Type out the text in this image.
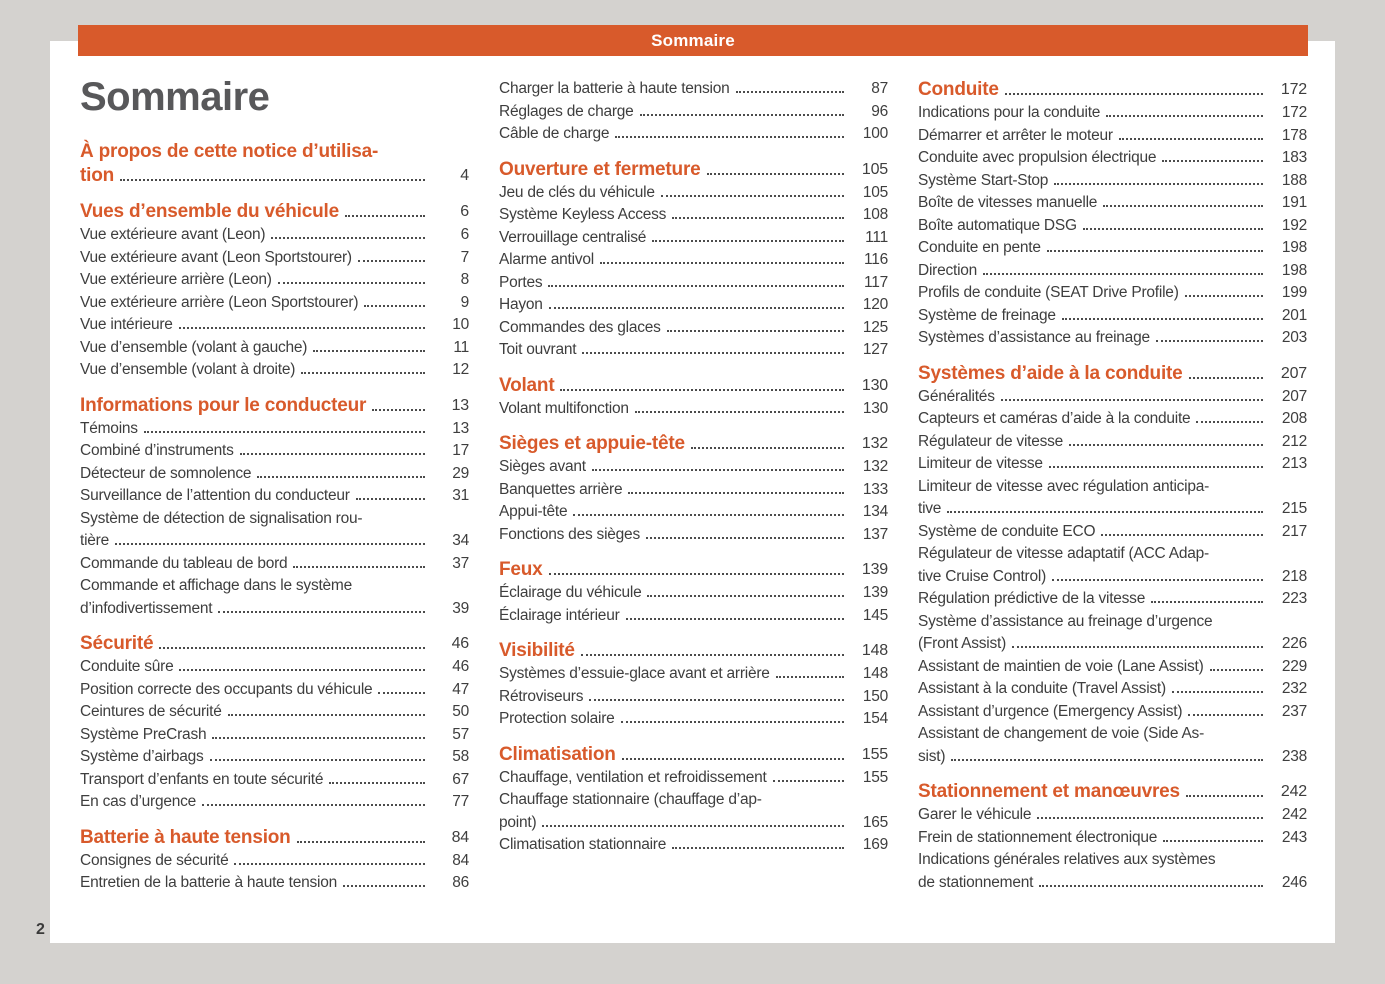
Sommaire
Sommaire
À propos de cette notice d’utilisa-
tion	4
Vues d’ensemble du véhicule	6
Vue extérieure avant (Leon)	6
Vue extérieure avant (Leon Sportstourer)	7
Vue extérieure arrière (Leon)	8
Vue extérieure arrière (Leon Sportstourer)	9
Vue intérieure	10
Vue d’ensemble (volant à gauche)	11
Vue d’ensemble (volant à droite)	12
Informations pour le conducteur	13
Témoins	13
Combiné d’instruments	17
Détecteur de somnolence	29
Surveillance de l’attention du conducteur	31
Système de détection de signalisation rou-
tière	34
Commande du tableau de bord	37
Commande et affichage dans le système
d’infodivertissement	39
Sécurité	46
Conduite sûre	46
Position correcte des occupants du véhicule	47
Ceintures de sécurité	50
Système PreCrash	57
Système d’airbags	58
Transport d’enfants en toute sécurité	67
En cas d’urgence	77
Batterie à haute tension	84
Consignes de sécurité	84
Entretien de la batterie à haute tension	86
Charger la batterie à haute tension	87
Réglages de charge	96
Câble de charge	100
Ouverture et fermeture	105
Jeu de clés du véhicule	105
Système Keyless Access	108
Verrouillage centralisé	111
Alarme antivol	116
Portes	117
Hayon	120
Commandes des glaces	125
Toit ouvrant	127
Volant	130
Volant multifonction	130
Sièges et appuie-tête	132
Sièges avant	132
Banquettes arrière	133
Appui-tête	134
Fonctions des sièges	137
Feux	139
Éclairage du véhicule	139
Éclairage intérieur	145
Visibilité	148
Systèmes d’essuie-glace avant et arrière	148
Rétroviseurs	150
Protection solaire	154
Climatisation	155
Chauffage, ventilation et refroidissement	155
Chauffage stationnaire (chauffage d’ap-
point)	165
Climatisation stationnaire	169
Conduite	172
Indications pour la conduite	172
Démarrer et arrêter le moteur	178
Conduite avec propulsion électrique	183
Système Start-Stop	188
Boîte de vitesses manuelle	191
Boîte automatique DSG	192
Conduite en pente	198
Direction	198
Profils de conduite (SEAT Drive Profile)	199
Système de freinage	201
Systèmes d’assistance au freinage	203
Systèmes d’aide à la conduite	207
Généralités	207
Capteurs et caméras d’aide à la conduite	208
Régulateur de vitesse	212
Limiteur de vitesse	213
Limiteur de vitesse avec régulation anticipa-
tive	215
Système de conduite ECO	217
Régulateur de vitesse adaptatif (ACC Adap-
tive Cruise Control)	218
Régulation prédictive de la vitesse	223
Système d’assistance au freinage d’urgence
(Front Assist)	226
Assistant de maintien de voie (Lane Assist)	229
Assistant à la conduite (Travel Assist)	232
Assistant d’urgence (Emergency Assist)	237
Assistant de changement de voie (Side As-
sist)	238
Stationnement et manœuvres	242
Garer le véhicule	242
Frein de stationnement électronique	243
Indications générales relatives aux systèmes
de stationnement	246
2
